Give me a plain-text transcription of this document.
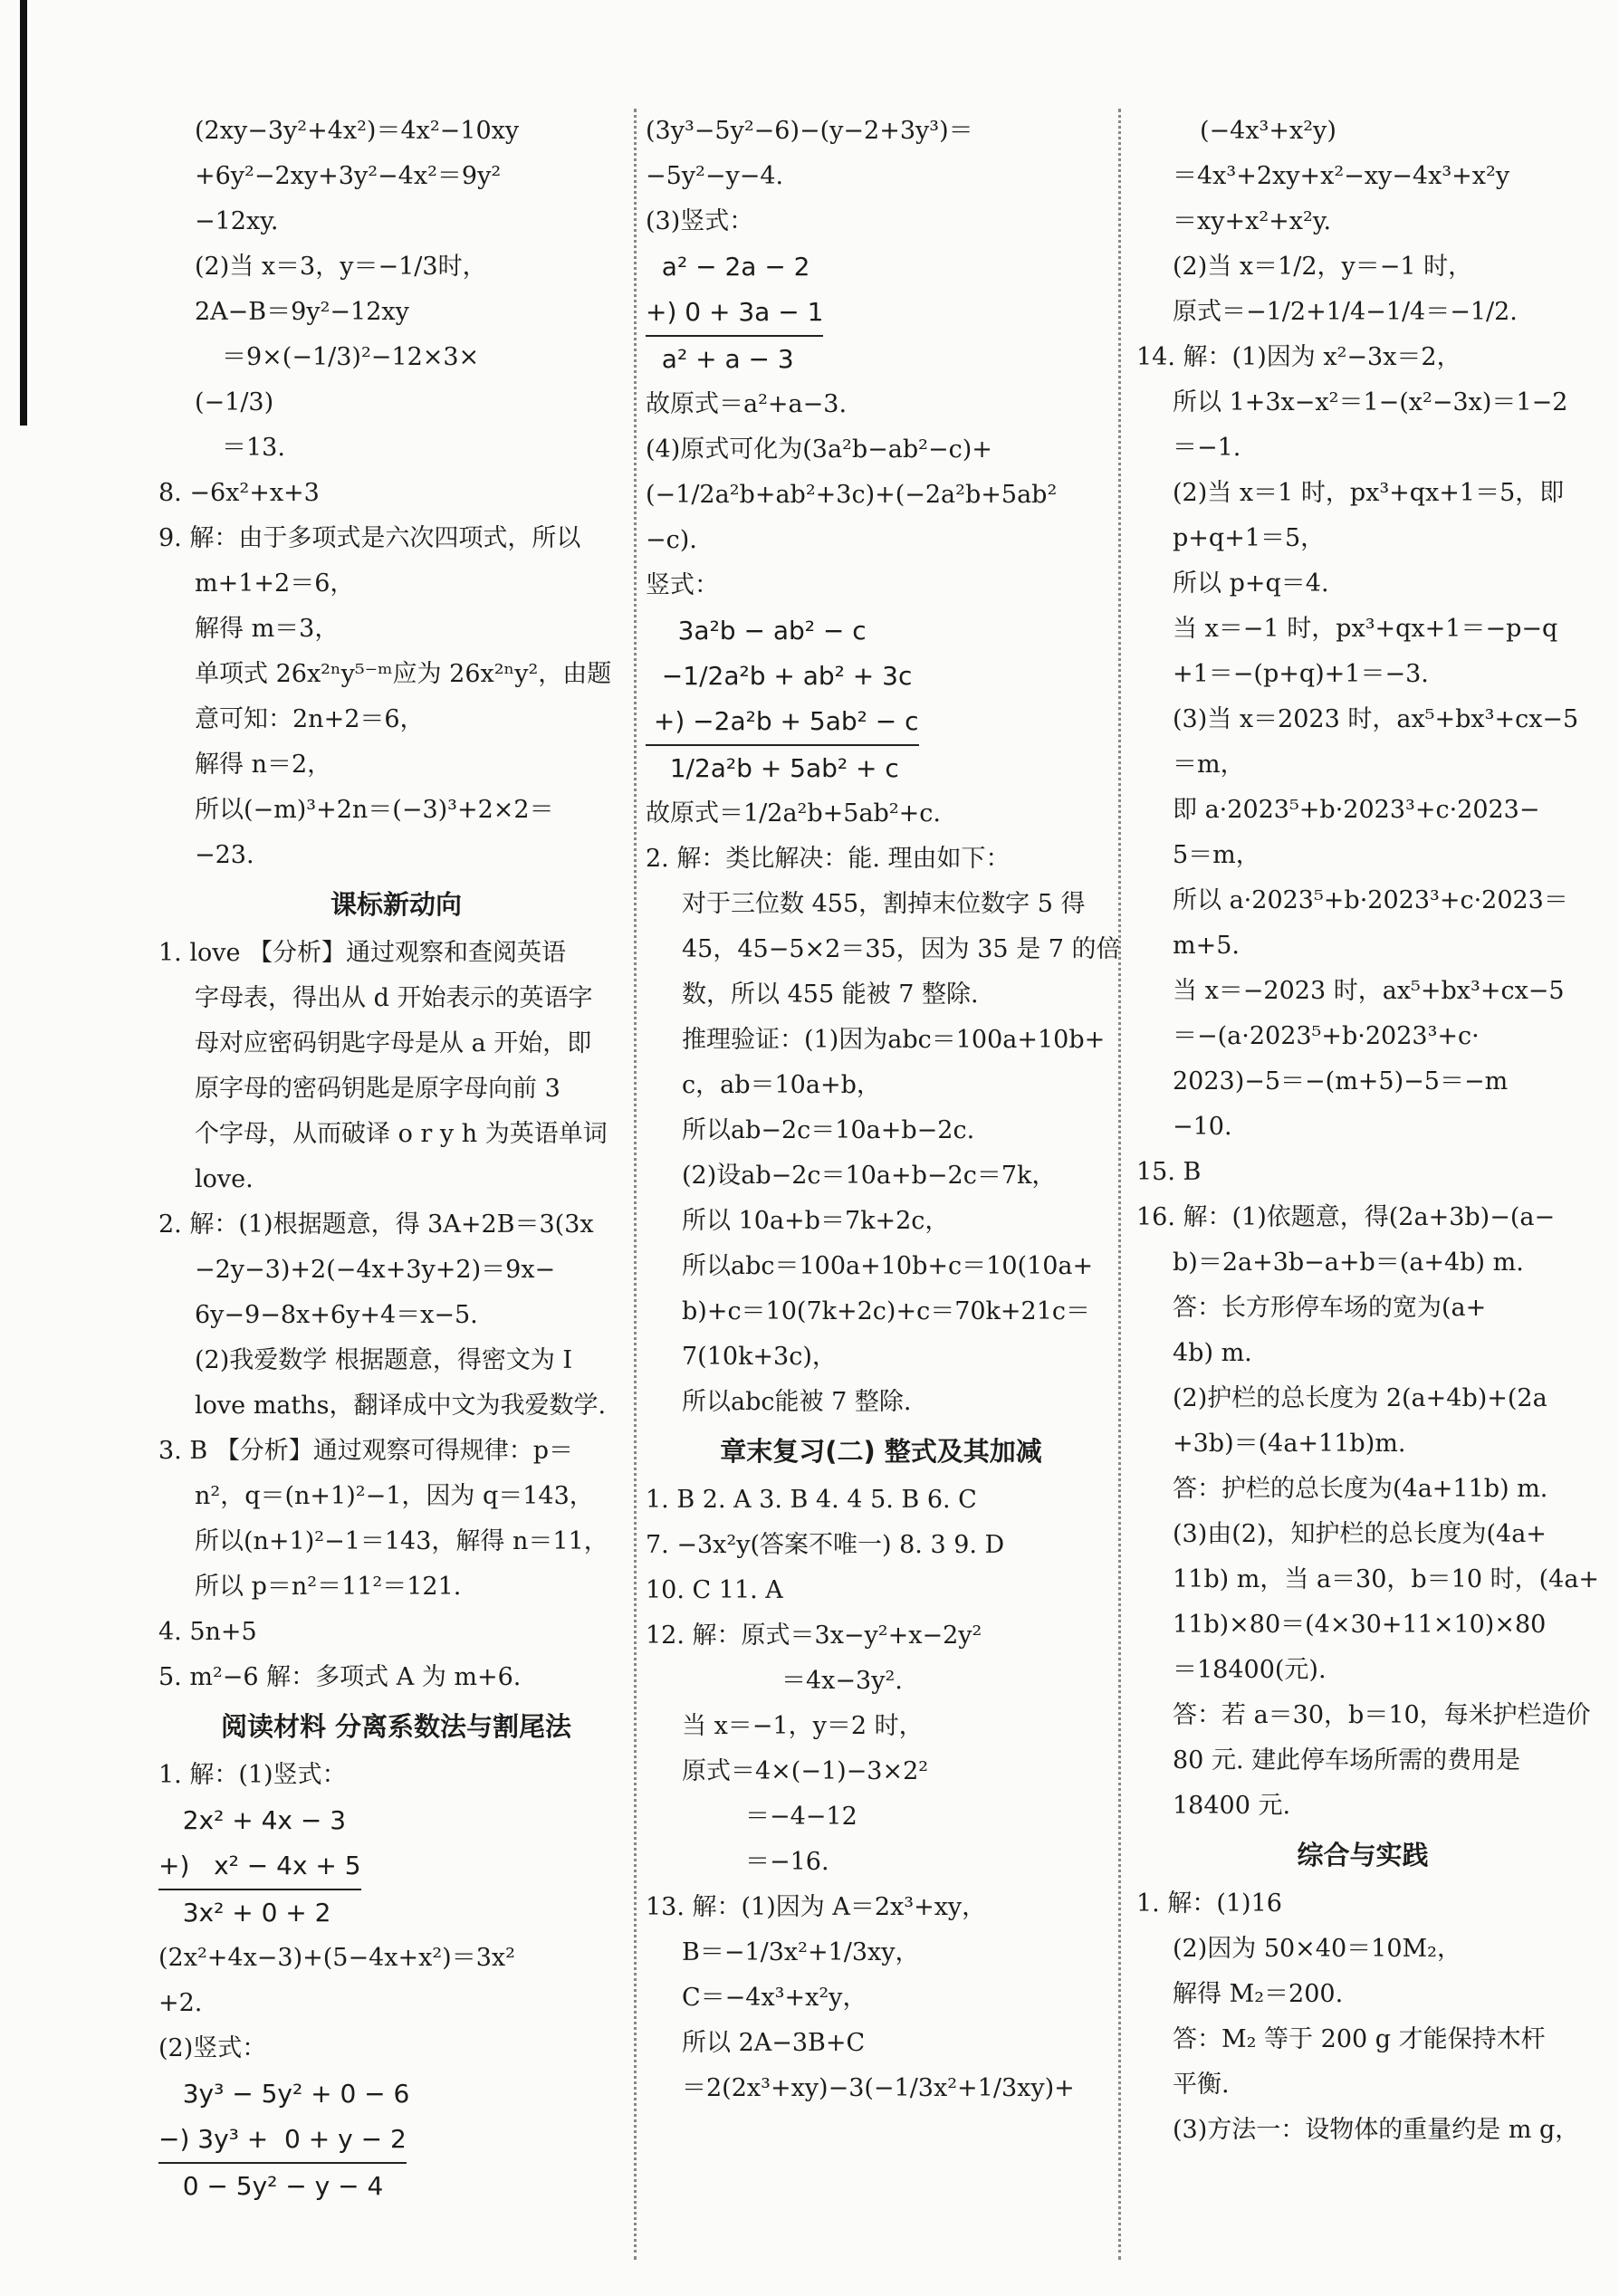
(2xy−3y²+4x²)＝4x²−10xy
+6y²−2xy+3y²−4x²＝9y²
−12xy.
(2)当 x＝3，y＝−1/3时，
2A−B＝9y²−12xy
＝9×(−1/3)²−12×3×
(−1/3)
＝13.
8. −6x²+x+3
9. 解：由于多项式是六次四项式，所以
m+1+2＝6，
解得 m＝3，
单项式 26x²ⁿy⁵⁻ᵐ应为 26x²ⁿy²，由题
意可知：2n+2＝6，
解得 n＝2，
所以(−m)³+2n＝(−3)³+2×2＝
−23.
课标新动向
1. love 【分析】通过观察和查阅英语
字母表，得出从 d 开始表示的英语字
母对应密码钥匙字母是从 a 开始，即
原字母的密码钥匙是原字母向前 3
个字母，从而破译 o r y h 为英语单词
love.
2. 解：(1)根据题意，得 3A+2B＝3(3x
−2y−3)+2(−4x+3y+2)＝9x−
6y−9−8x+6y+4＝x−5.
(2)我爱数学 根据题意，得密文为 I
love maths，翻译成中文为我爱数学.
3. B 【分析】通过观察可得规律：p＝
n²，q＝(n+1)²−1，因为 q＝143，
所以(n+1)²−1＝143，解得 n＝11，
所以 p＝n²＝11²＝121.
4. 5n+5
5. m²−6 解：多项式 A 为 m+6.
阅读材料 分离系数法与割尾法
1. 解：(1)竖式：
2x² + 4x − 3
+)   x² − 4x + 5
3x² + 0 + 2
(2x²+4x−3)+(5−4x+x²)＝3x²
+2.
(2)竖式：
3y³ − 5y² + 0 − 6
−) 3y³ +  0 + y − 2
0 − 5y² − y − 4
(3y³−5y²−6)−(y−2+3y³)＝
−5y²−y−4.
(3)竖式：
a² − 2a − 2
+) 0 + 3a − 1
a² + a − 3
故原式＝a²+a−3.
(4)原式可化为(3a²b−ab²−c)+
(−1/2a²b+ab²+3c)+(−2a²b+5ab²
−c).
竖式：
3a²b − ab² − c
−1/2a²b + ab² + 3c
+) −2a²b + 5ab² − c
1/2a²b + 5ab² + c
故原式＝1/2a²b+5ab²+c.
2. 解：类比解决：能. 理由如下：
对于三位数 455，割掉末位数字 5 得
45，45−5×2＝35，因为 35 是 7 的倍
数，所以 455 能被 7 整除.
推理验证：(1)因为abc＝100a+10b+
c，ab＝10a+b，
所以ab−2c＝10a+b−2c.
(2)设ab−2c＝10a+b−2c＝7k，
所以 10a+b＝7k+2c，
所以abc＝100a+10b+c＝10(10a+
b)+c＝10(7k+2c)+c＝70k+21c＝
7(10k+3c)，
所以abc能被 7 整除.
章末复习(二) 整式及其加减
1. B 2. A 3. B 4. 4 5. B 6. C
7. −3x²y(答案不唯一) 8. 3 9. D
10. C 11. A
12. 解：原式＝3x−y²+x−2y²
＝4x−3y².
当 x＝−1，y＝2 时，
原式＝4×(−1)−3×2²
＝−4−12
＝−16.
13. 解：(1)因为 A＝2x³+xy，
B＝−1/3x²+1/3xy，
C＝−4x³+x²y，
所以 2A−3B+C
＝2(2x³+xy)−3(−1/3x²+1/3xy)+
(−4x³+x²y)
＝4x³+2xy+x²−xy−4x³+x²y
＝xy+x²+x²y.
(2)当 x＝1/2，y＝−1 时，
原式＝−1/2+1/4−1/4＝−1/2.
14. 解：(1)因为 x²−3x＝2，
所以 1+3x−x²＝1−(x²−3x)＝1−2
＝−1.
(2)当 x＝1 时，px³+qx+1＝5，即
p+q+1＝5，
所以 p+q＝4.
当 x＝−1 时，px³+qx+1＝−p−q
+1＝−(p+q)+1＝−3.
(3)当 x＝2023 时，ax⁵+bx³+cx−5
＝m，
即 a·2023⁵+b·2023³+c·2023−
5＝m，
所以 a·2023⁵+b·2023³+c·2023＝
m+5.
当 x＝−2023 时，ax⁵+bx³+cx−5
＝−(a·2023⁵+b·2023³+c·
2023)−5＝−(m+5)−5＝−m
−10.
15. B
16. 解：(1)依题意，得(2a+3b)−(a−
b)＝2a+3b−a+b＝(a+4b) m.
答：长方形停车场的宽为(a+
4b) m.
(2)护栏的总长度为 2(a+4b)+(2a
+3b)＝(4a+11b)m.
答：护栏的总长度为(4a+11b) m.
(3)由(2)，知护栏的总长度为(4a+
11b) m，当 a＝30，b＝10 时，(4a+
11b)×80＝(4×30+11×10)×80
＝18400(元).
答：若 a＝30，b＝10，每米护栏造价
80 元. 建此停车场所需的费用是
18400 元.
综合与实践
1. 解：(1)16
(2)因为 50×40＝10M₂，
解得 M₂＝200.
答：M₂ 等于 200 g 才能保持木杆
平衡.
(3)方法一：设物体的重量约是 m g，
